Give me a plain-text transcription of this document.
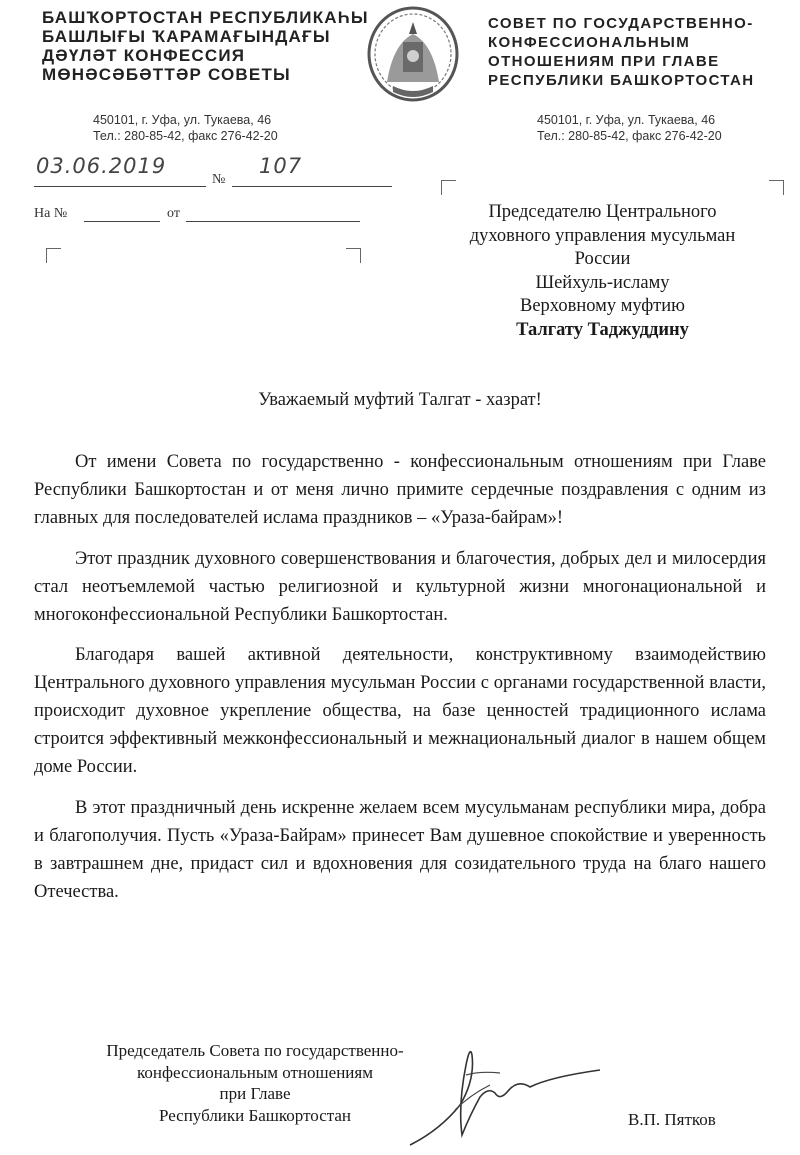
БАШҠОРТОСТАН РЕСПУБЛИКАҺЫ
БАШЛЫҒЫ ҠАРАМАҒЫНДАҒЫ
ДӘҮЛӘТ КОНФЕССИЯ
МӨНӘСӘБӘТТӘР СОВЕТЫ
СОВЕТ ПО ГОСУДАРСТВЕННО-
КОНФЕССИОНАЛЬНЫМ
ОТНОШЕНИЯМ ПРИ ГЛАВЕ
РЕСПУБЛИКИ БАШКОРТОСТАН
450101, г. Уфа, ул. Тукаева, 46
Тел.: 280-85-42, факс 276-42-20
450101, г. Уфа, ул. Тукаева, 46
Тел.: 280-85-42, факс 276-42-20
03.06.2019
№
107
На №	от	Председателю Центрального
духовного управления мусульман
России
Шейхуль-исламу
Верховному муфтию
Талгату Таджуддину
Уважаемый муфтий Талгат - хазрат!

От имени Совета по государственно - конфессиональным отношениям при Главе Республики Башкортостан и от меня лично примите сердечные поздравления с одним из главных для последователей ислама праздников – «Ураза-байрам»!

Этот праздник духовного совершенствования и благочестия, добрых дел и милосердия стал неотъемлемой частью религиозной и культурной жизни многонациональной и многоконфессиональной Республики Башкортостан.

Благодаря вашей активной деятельности, конструктивному взаимодействию Центрального духовного управления мусульман России с органами государственной власти, происходит духовное укрепление общества, на базе ценностей традиционного ислама строится эффективный межконфессиональный и межнациональный диалог в нашем общем доме России.

В этот праздничный день искренне желаем всем мусульманам республики мира, добра и благополучия. Пусть «Ураза-Байрам» принесет Вам душевное спокойствие и уверенность в завтрашнем дне, придаст сил и вдохновения для созидательного труда на благо нашего Отечества.

Председатель Совета по государственно-
конфессиональным отношениям
при Главе
Республики Башкортостан	В.П. Пятков
